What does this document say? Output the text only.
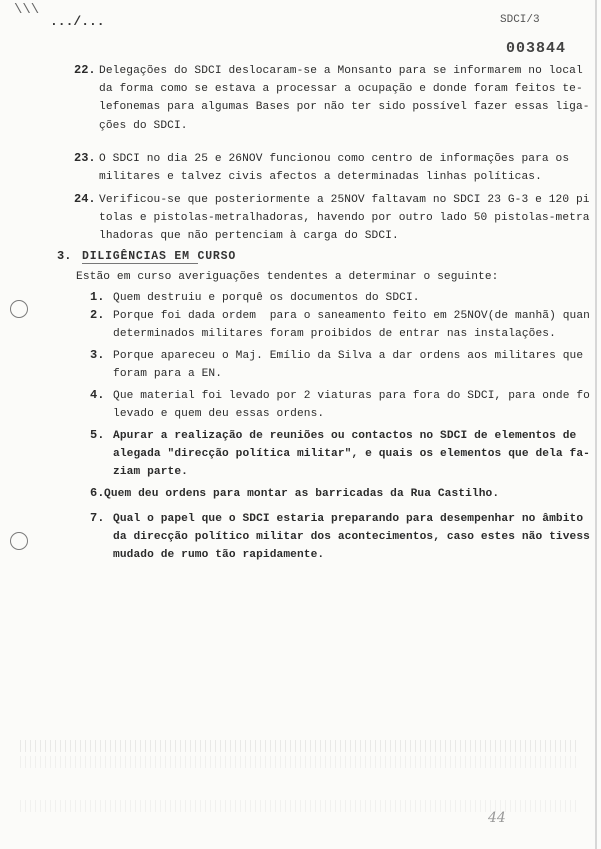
.../...	SDCI/3
003844
\\\
22. Delegações do SDCI deslocaram-se a Monsanto para se informarem no local
da forma como se estava a processar a ocupação e donde foram feitos te-
lefonemas para algumas Bases por não ter sido possível fazer essas liga-
ções do SDCI.
23. O SDCI no dia 25 e 26NOV funcionou como centro de informações para os
militares e talvez civis afectos a determinadas linhas políticas.
24. Verificou-se que posteriormente a 25NOV faltavam no SDCI 23 G-3 e 120 pi
tolas e pistolas-metralhadoras, havendo por outro lado 50 pistolas-metra
lhadoras que não pertenciam à carga do SDCI.
3. DILIGÊNCIAS EM CURSO
Estão em curso averiguações tendentes a determinar o seguinte:
1. Quem destruiu e porquê os documentos do SDCI.
2. Porque foi dada ordem  para o saneamento feito em 25NOV(de manhã) quan
determinados militares foram proibidos de entrar nas instalações.
3. Porque apareceu o Maj. Emílio da Silva a dar ordens aos militares que
foram para a EN.
4. Que material foi levado por 2 viaturas para fora do SDCI, para onde fo
levado e quem deu essas ordens.
5. Apurar a realização de reuniões ou contactos no SDCI de elementos de
alegada "direcção política militar", e quais os elementos que dela fa-
ziam parte.
6. Quem deu ordens para montar as barricadas da Rua Castilho.
7. Qual o papel que o SDCI estaria preparando para desempenhar no âmbito
da direcção político militar dos acontecimentos, caso estes não tivess
mudado de rumo tão rapidamente.
44
